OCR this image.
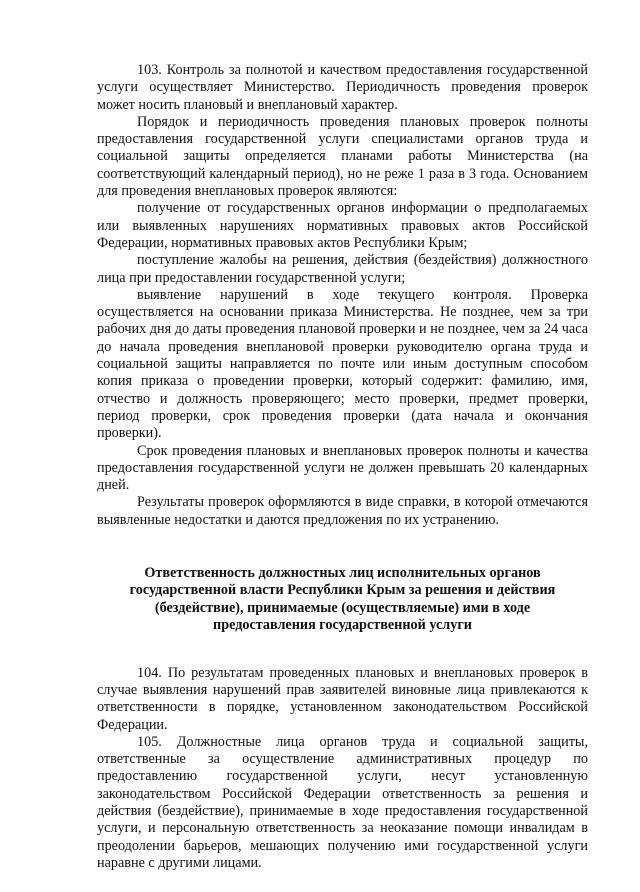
103. Контроль за полнотой и качеством предоставления государственной услуги осуществляет Министерство. Периодичность проведения проверок может носить плановый и внеплановый характер.

Порядок и периодичность проведения плановых проверок полноты предоставления государственной услуги специалистами органов труда и социальной защиты определяется планами работы Министерства (на соответствующий календарный период), но не реже 1 раза в 3 года. Основанием для проведения внеплановых проверок являются:

получение от государственных органов информации о предполагаемых или выявленных нарушениях нормативных правовых актов Российской Федерации, нормативных правовых актов Республики Крым;

поступление жалобы на решения, действия (бездействия) должностного лица при предоставлении государственной услуги;

выявление нарушений в ходе текущего контроля. Проверка осуществляется на основании приказа Министерства. Не позднее, чем за три рабочих дня до даты проведения плановой проверки и не позднее, чем за 24 часа до начала проведения внеплановой проверки руководителю органа труда и социальной защиты направляется по почте или иным доступным способом копия приказа о проведении проверки, который содержит: фамилию, имя, отчество и должность проверяющего; место проверки, предмет проверки, период проверки, срок проведения проверки (дата начала и окончания проверки).

Срок проведения плановых и внеплановых проверок полноты и качества предоставления государственной услуги не должен превышать 20 календарных дней.

Результаты проверок оформляются в виде справки, в которой отмечаются выявленные недостатки и даются предложения по их устранению.

Ответственность должностных лиц исполнительных органов
государственной власти Республики Крым за решения и действия
(бездействие), принимаемые (осуществляемые) ими в ходе
предоставления государственной услуги

104. По результатам проведенных плановых и внеплановых проверок в случае выявления нарушений прав заявителей виновные лица привлекаются к ответственности в порядке, установленном законодательством Российской Федерации.

105. Должностные лица органов труда и социальной защиты, ответственные за осуществление административных процедур по предоставлению государственной услуги, несут установленную законодательством Российской Федерации ответственность за решения и действия (бездействие), принимаемые в ходе предоставления государственной услуги, и персональную ответственность за неоказание помощи инвалидам в преодолении барьеров, мешающих получению ими государственной услуги наравне с другими лицами.
